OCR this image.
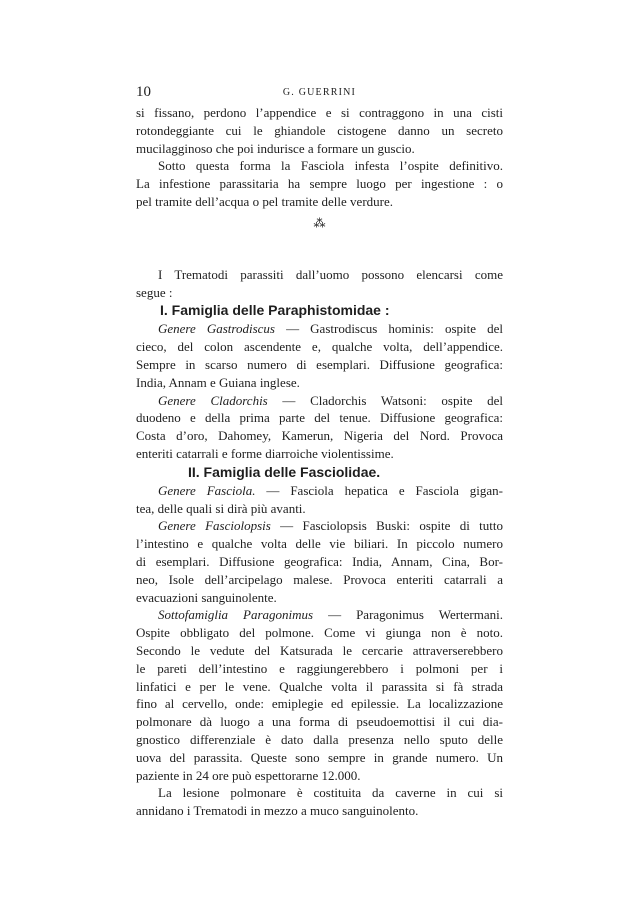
10	G. GUERRINI
si fissano, perdono l’appendice e si contraggono in una cisti
rotondeggiante cui le ghiandole cistogene danno un secreto
mucilagginoso che poi indurisce a formare un guscio.
Sotto questa forma la Fasciola infesta l’ospite definitivo.
La infestione parassitaria ha sempre luogo per ingestione : o
pel tramite dell’acqua o pel tramite delle verdure.
⁂
I Trematodi parassiti dall’uomo possono elencarsi come
segue :
I. Famiglia delle Paraphistomidae :
Genere Gastrodiscus — Gastrodiscus hominis: ospite del
cieco, del colon ascendente e, qualche volta, dell’appendice.
Sempre in scarso numero di esemplari. Diffusione geografica:
India, Annam e Guiana inglese.
Genere Cladorchis — Cladorchis Watsoni: ospite del
duodeno e della prima parte del tenue. Diffusione geografica:
Costa d’oro, Dahomey, Kamerun, Nigeria del Nord. Provoca
enteriti catarrali e forme diarroiche violentissime.
II. Famiglia delle Fasciolidae.
Genere Fasciola. — Fasciola hepatica e Fasciola gigan-
tea, delle quali si dirà più avanti.
Genere Fasciolopsis — Fasciolopsis Buski: ospite di tutto
l’intestino e qualche volta delle vie biliari. In piccolo numero
di esemplari. Diffusione geografica: India, Annam, Cina, Bor-
neo, Isole dell’arcipelago malese. Provoca enteriti catarrali a
evacuazioni sanguinolente.
Sottofamiglia Paragonimus — Paragonimus Wertermani.
Ospite obbligato del polmone. Come vi giunga non è noto.
Secondo le vedute del Katsurada le cercarie attraverserebbero
le pareti dell’intestino e raggiungerebbero i polmoni per i
linfatici e per le vene. Qualche volta il parassita si fà strada
fino al cervello, onde: emiplegie ed epilessie. La localizzazione
polmonare dà luogo a una forma di pseudoemottisi il cui dia-
gnostico differenziale è dato dalla presenza nello sputo delle
uova del parassita. Queste sono sempre in grande numero. Un
paziente in 24 ore può espettorarne 12.000.
La lesione polmonare è costituita da caverne in cui si
annidano i Trematodi in mezzo a muco sanguinolento.
